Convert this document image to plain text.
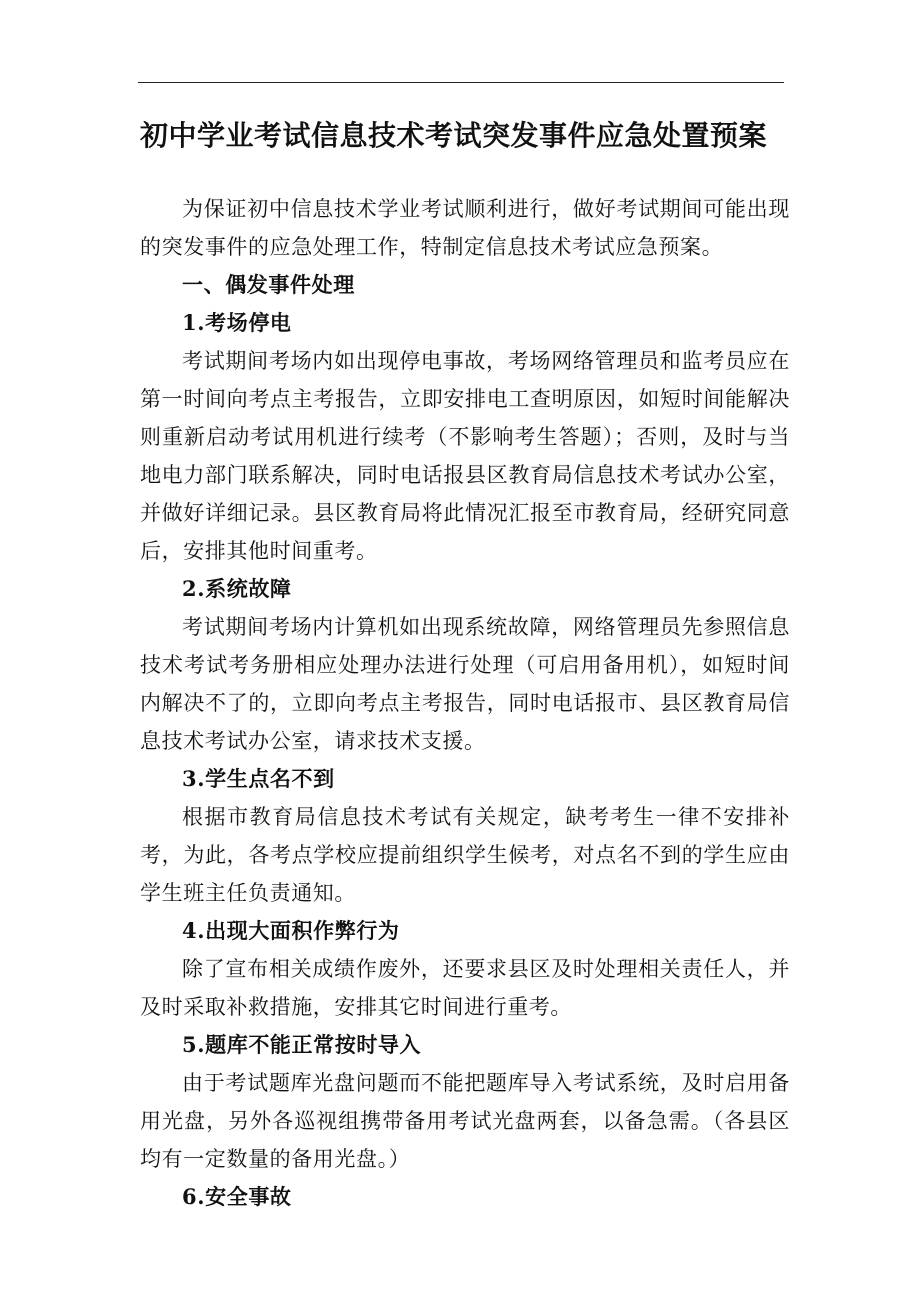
初中学业考试信息技术考试突发事件应急处置预案

为保证初中信息技术学业考试顺利进行，做好考试期间可能出现的突发事件的应急处理工作，特制定信息技术考试应急预案。

一、偶发事件处理

1.考场停电

考试期间考场内如出现停电事故，考场网络管理员和监考员应在第一时间向考点主考报告，立即安排电工查明原因，如短时间能解决则重新启动考试用机进行续考（不影响考生答题）；否则，及时与当地电力部门联系解决，同时电话报县区教育局信息技术考试办公室，并做好详细记录。县区教育局将此情况汇报至市教育局，经研究同意后，安排其他时间重考。

2.系统故障

考试期间考场内计算机如出现系统故障，网络管理员先参照信息技术考试考务册相应处理办法进行处理（可启用备用机），如短时间内解决不了的，立即向考点主考报告，同时电话报市、县区教育局信息技术考试办公室，请求技术支援。

3.学生点名不到

根据市教育局信息技术考试有关规定，缺考考生一律不安排补考，为此，各考点学校应提前组织学生候考，对点名不到的学生应由学生班主任负责通知。

4.出现大面积作弊行为

除了宣布相关成绩作废外，还要求县区及时处理相关责任人，并及时采取补救措施，安排其它时间进行重考。

5.题库不能正常按时导入

由于考试题库光盘问题而不能把题库导入考试系统，及时启用备用光盘，另外各巡视组携带备用考试光盘两套，以备急需。（各县区均有一定数量的备用光盘。）

6.安全事故
